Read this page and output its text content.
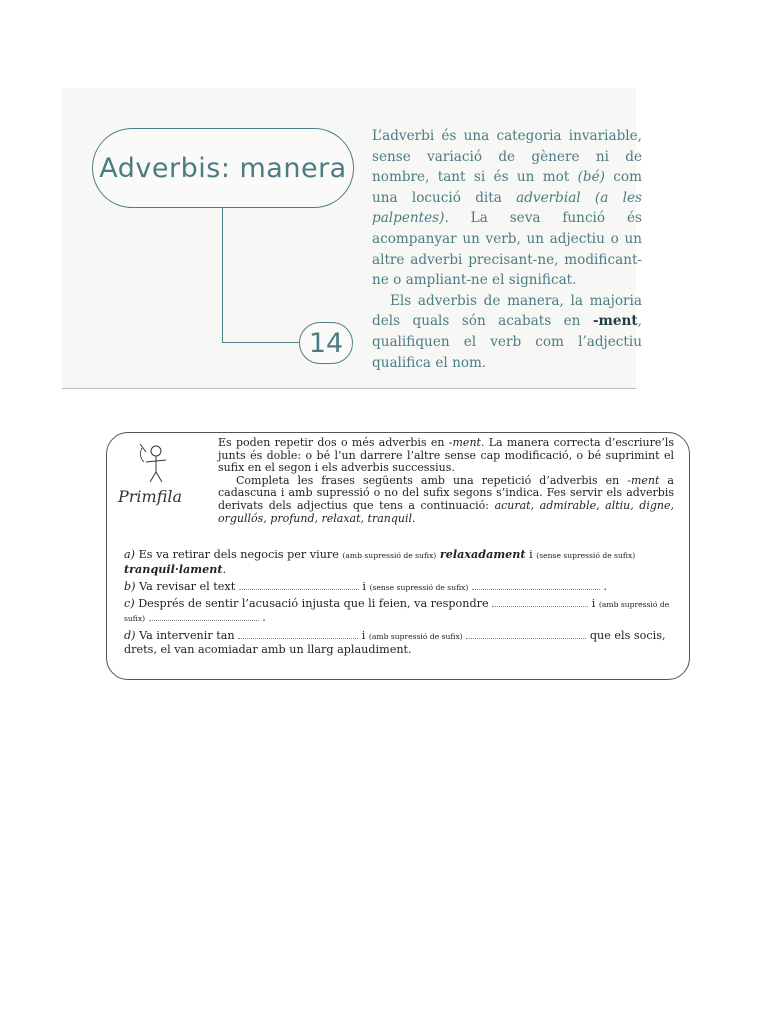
Adverbis: manera
14

L’adverbi és una categoria invariable, sense variació de gènere ni de nombre, tant si és un mot (bé) com una locució dita adverbial (a les palpentes). La seva funció és acompanyar un verb, un adjectiu o un altre adverbi precisant-ne, modificant-ne o ampliant-ne el significat.

Els adverbis de manera, la majoria dels quals són acabats en -ment, qualifiquen el verb com l’adjectiu qualifica el nom.

Primfila

Es poden repetir dos o més adverbis en -ment. La manera correcta d’escriure’ls junts és doble: o bé l’un darrere l’altre sense cap modificació, o bé suprimint el sufix en el segon i els adverbis successius.

Completa les frases següents amb una repetició d’adverbis en -ment a cadascuna i amb supressió o no del sufix segons s’indica. Fes servir els adverbis derivats dels adjectius que tens a continuació: acurat, admirable, altiu, digne, orgullós, profund, relaxat, tranquil.

a) Es va retirar dels negocis per viure (amb supressió de sufix) relaxadament i (sense supressió de sufix) tranquil·lament.

b) Va revisar el text	i (sense supressió de sufix)	.

c) Després de sentir l’acusació injusta que li feien, va respondre	i (amb supressió de sufix)	.

d) Va intervenir tan	i (amb supressió de sufix)	que els socis, drets, el van acomiadar amb un llarg aplaudiment.
